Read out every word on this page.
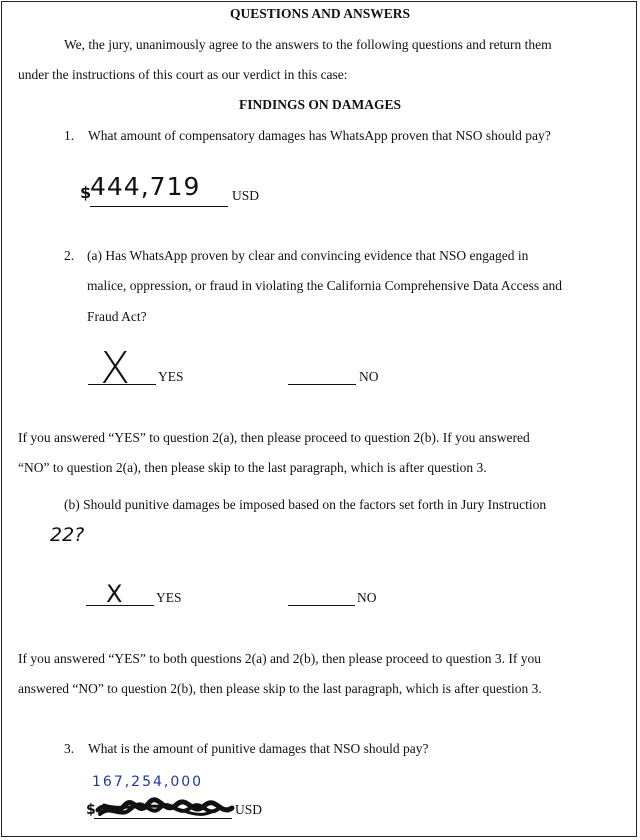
QUESTIONS AND ANSWERS
We, the jury, unanimously agree to the answers to the following questions and return them
under the instructions of this court as our verdict in this case:
FINDINGS ON DAMAGES
1. What amount of compensatory damages has WhatsApp proven that NSO should pay?
$
444,719 USD
2. (a) Has WhatsApp proven by clear and convincing evidence that NSO engaged in
malice, oppression, or fraud in violating the California Comprehensive Data Access and
Fraud Act?
X YES	NO
If you answered “YES” to question 2(a), then please proceed to question 2(b). If you answered
“NO” to question 2(a), then please skip to the last paragraph, which is after question 3.
(b) Should punitive damages be imposed based on the factors set forth in Jury Instruction
22?
X YES	NO
If you answered “YES” to both questions 2(a) and 2(b), then please proceed to question 3. If you
answered “NO” to question 2(b), then please skip to the last paragraph, which is after question 3.
3. What is the amount of punitive damages that NSO should pay?
167,254,000
$	USD
